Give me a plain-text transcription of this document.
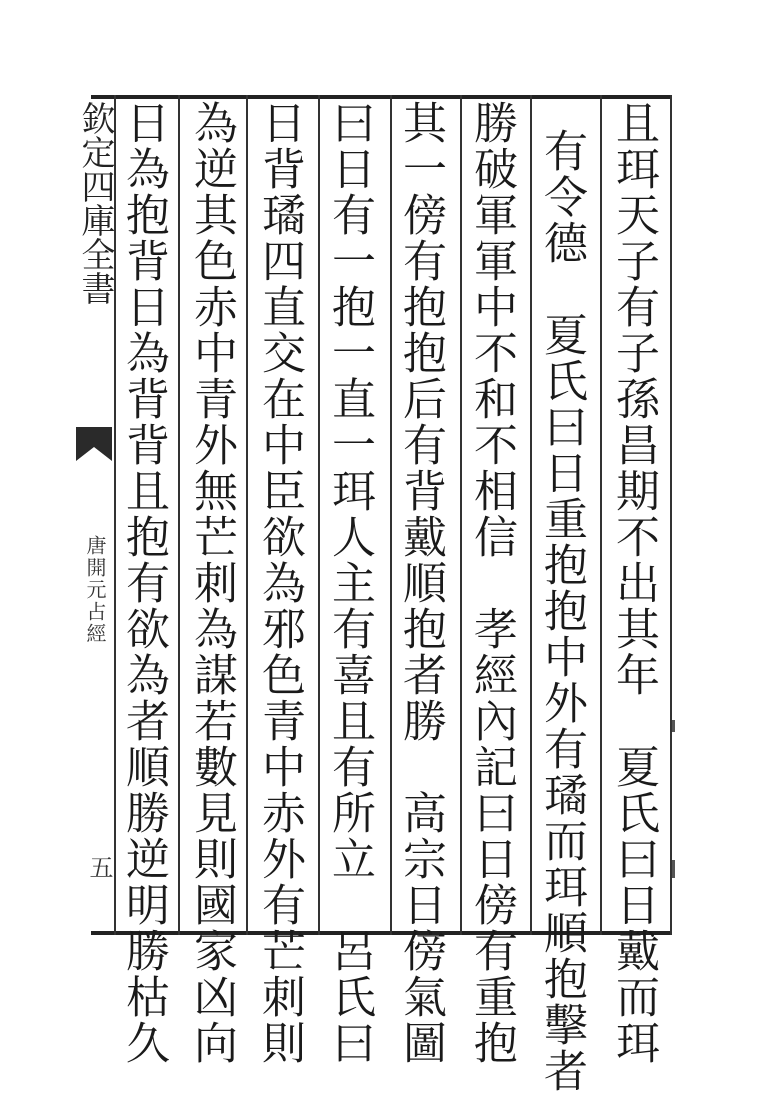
欽定四庫全書
唐開元占經
五	且珥天子有子孫昌期不出其年　夏氏曰日戴而珥
有令德　夏氏曰日重抱抱中外有璚而珥順抱擊者
勝破軍軍中不和不相信　孝經內記曰日傍有重抱
其一傍有抱抱后有背戴順抱者勝　高宗日傍氣圖
曰日有一抱一直一珥人主有喜且有所立　呂氏曰
日背璚四直交在中臣欲為邪色青中赤外有芒刺則
為逆其色赤中青外無芒刺為謀若數見則國家凶向
日為抱背日為背背且抱有欲為者順勝逆明勝枯久
